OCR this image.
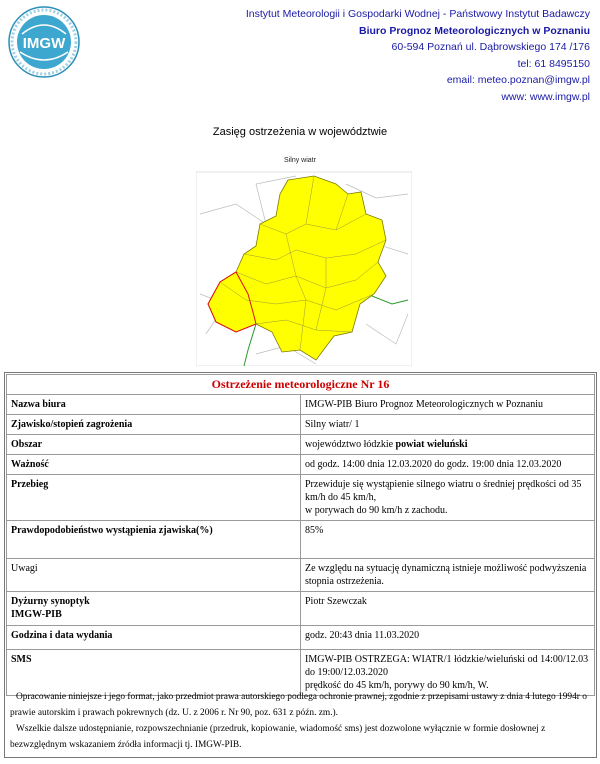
IMGW
Instytut Meteorologii i Gospodarki Wodnej - Państwowy Instytut Badawczy
Biuro Prognoz Meteorologicznych w Poznaniu
60-594 Poznań ul. Dąbrowskiego 174 /176
tel: 61 8495150
email: meteo.poznan@imgw.pl
www: www.imgw.pl
Zasięg ostrzeżenia w województwie
Silny wiatr
Ostrzeżenie meteorologiczne Nr 16	
Nazwa biura	IMGW-PIB Biuro Prognoz Meteorologicznych w Poznaniu
Zjawisko/stopień zagrożenia	Silny wiatr/ 1
Obszar	województwo łódzkie powiat wieluński
Ważność	od godz. 14:00 dnia 12.03.2020 do godz. 19:00 dnia 12.03.2020
Przebieg	Przewiduje się wystąpienie silnego wiatru o średniej prędkości od 35 km/h do 45 km/h,
w porywach do 90 km/h z zachodu.

Prawdopodobieństwo wystąpienia zjawiska(%)	85%
Uwagi	Ze względu na sytuację dynamiczną istnieje możliwość podwyższenia stopnia ostrzeżenia.

Dyżurny synoptyk
IMGW-PIB	Piotr Szewczak
Godzina i data wydania	godz. 20:43 dnia 11.03.2020
SMS	IMGW-PIB OSTRZEGA: WIATR/1 łódzkie/wieluński od 14:00/12.03 do 19:00/12.03.2020
prędkość do 45 km/h, porywy do 90 km/h, W.

Opracowanie niniejsze i jego format, jako przedmiot prawa autorskiego podlega ochronie prawnej, zgodnie z przepisami ustawy z dnia 4 lutego 1994r o prawie autorskim i prawach pokrewnych (dz. U. z 2006 r. Nr 90, poz. 631 z późn. zm.).

Wszelkie dalsze udostępnianie, rozpowszechnianie (przedruk, kopiowanie, wiadomość sms) jest dozwolone wyłącznie w formie dosłownej z bezwzględnym wskazaniem źródła informacji tj. IMGW-PIB.
